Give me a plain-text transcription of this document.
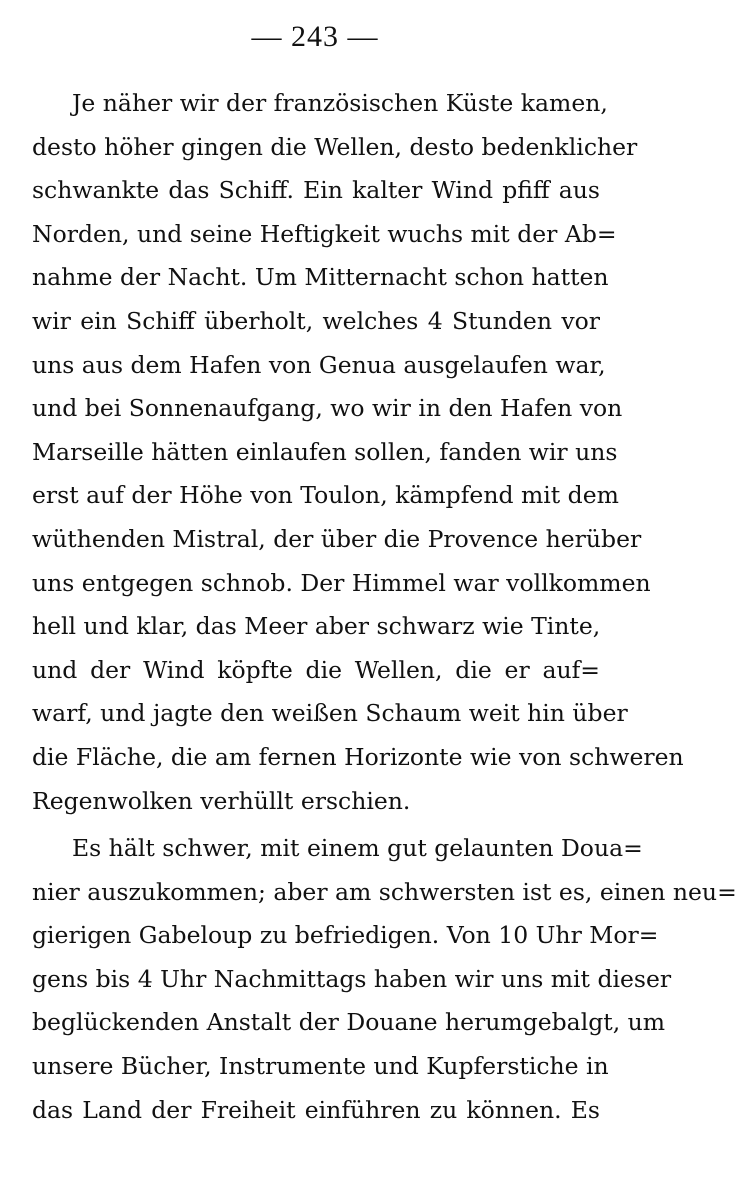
— 243 —
Je näher wir der französischen Küste kamen,
desto höher gingen die Wellen, desto bedenklicher
schwankte das Schiff. Ein kalter Wind pfiff aus
Norden, und seine Heftigkeit wuchs mit der Ab=
nahme der Nacht. Um Mitternacht schon hatten
wir ein Schiff überholt, welches 4 Stunden vor
uns aus dem Hafen von Genua ausgelaufen war,
und bei Sonnenaufgang, wo wir in den Hafen von
Marseille hätten einlaufen sollen, fanden wir uns
erst auf der Höhe von Toulon, kämpfend mit dem
wüthenden Mistral, der über die Provence herüber
uns entgegen schnob. Der Himmel war vollkommen
hell und klar, das Meer aber schwarz wie Tinte,
und der Wind köpfte die Wellen, die er auf=
warf, und jagte den weißen Schaum weit hin über
die Fläche, die am fernen Horizonte wie von schweren
Regenwolken verhüllt erschien.
Es hält schwer, mit einem gut gelaunten Doua=
nier auszukommen; aber am schwersten ist es, einen neu=
gierigen Gabeloup zu befriedigen. Von 10 Uhr Mor=
gens bis 4 Uhr Nachmittags haben wir uns mit dieser
beglückenden Anstalt der Douane herumgebalgt, um
unsere Bücher, Instrumente und Kupferstiche in
das Land der Freiheit einführen zu können. Es
